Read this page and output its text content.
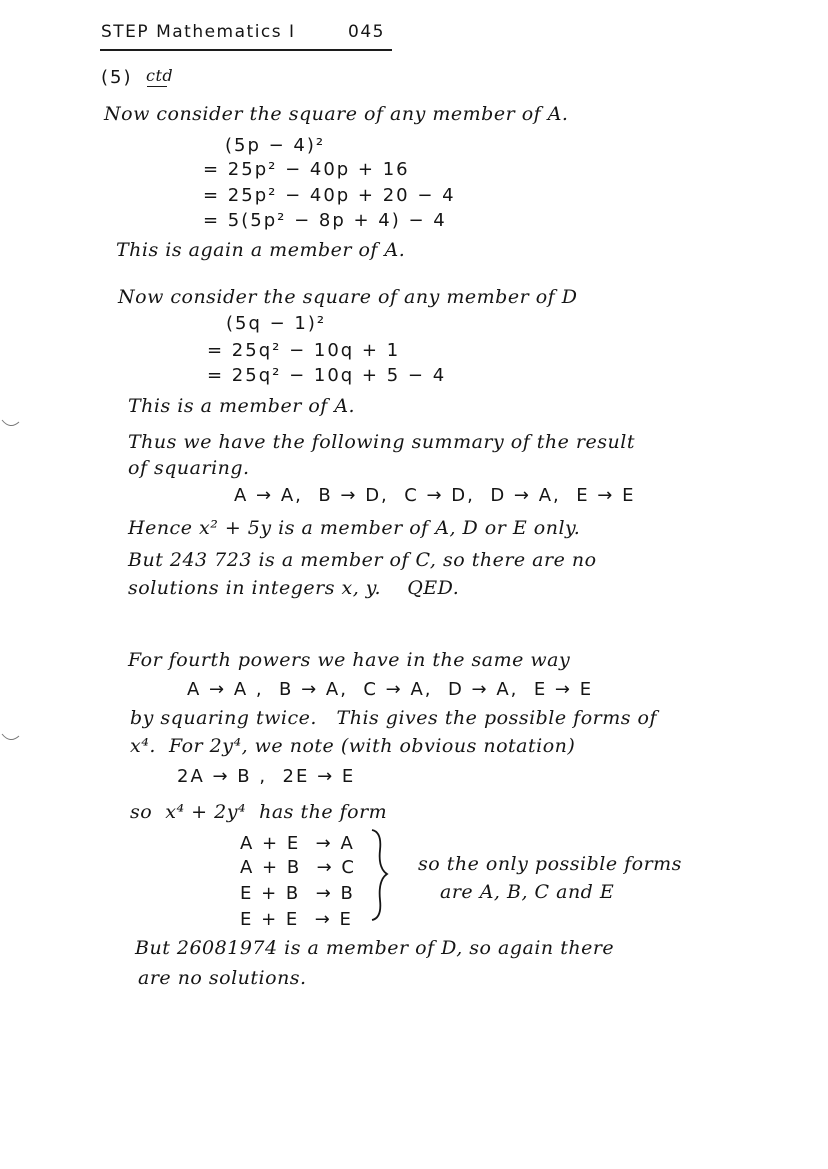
STEP Mathematics I	045
(5) ctd
Now consider the square of any member of A.
(5p − 4)²
= 25p² − 40p + 16
= 25p² − 40p + 20 − 4
= 5(5p² − 8p + 4) − 4
This is again a member of A.
Now consider the square of any member of D
(5q − 1)²
= 25q² − 10q + 1
= 25q² − 10q + 5 − 4
This is a member of A.
Thus we have the following summary of the result
of squaring.
A → A,  B → D,  C → D,  D → A,  E → E
Hence x² + 5y is a member of A, D or E only.
But 243 723 is a member of C, so there are no
solutions in integers x, y.    QED.
For fourth powers we have in the same way
A → A ,  B → A,  C → A,  D → A,  E → E
by squaring twice.   This gives the possible forms of
x⁴.  For 2y⁴, we note (with obvious notation)
2A → B ,  2E → E
so  x⁴ + 2y⁴  has the form
A + E  → A
A + B  → C
E + B  → B
E + E  → E
so the only possible forms
are A, B, C and E
But 26081974 is a member of D, so again there
are no solutions.
